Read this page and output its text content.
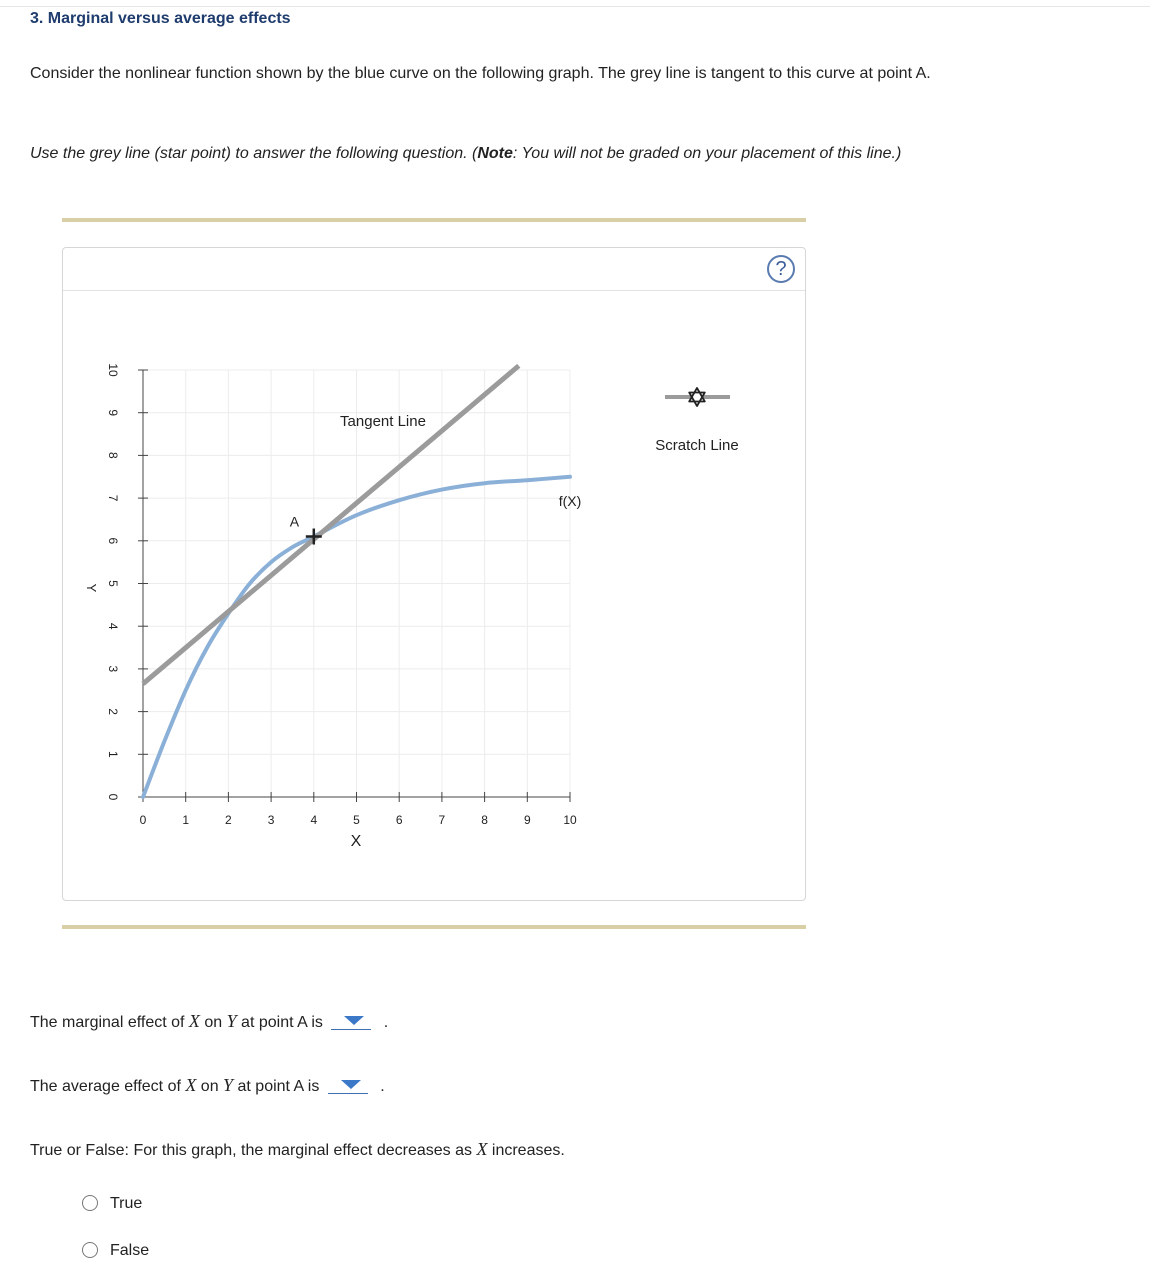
3. Marginal versus average effects
Consider the nonlinear function shown by the blue curve on the following graph. The grey line is tangent to this curve at point A.
Use the grey line (star point) to answer the following question. (Note: You will not be graded on your placement of this line.)
?
0	1	2	3	4	5	6	7	8	9	10
0
1
2
3
4
5
6
7
8
9
10
X
Y
A
Tangent Line
f(X)
Scratch Line
The marginal effect of X on Y at point A is	.
The average effect of X on Y at point A is	.
True or False: For this graph, the marginal effect decreases as X increases.
True
False
